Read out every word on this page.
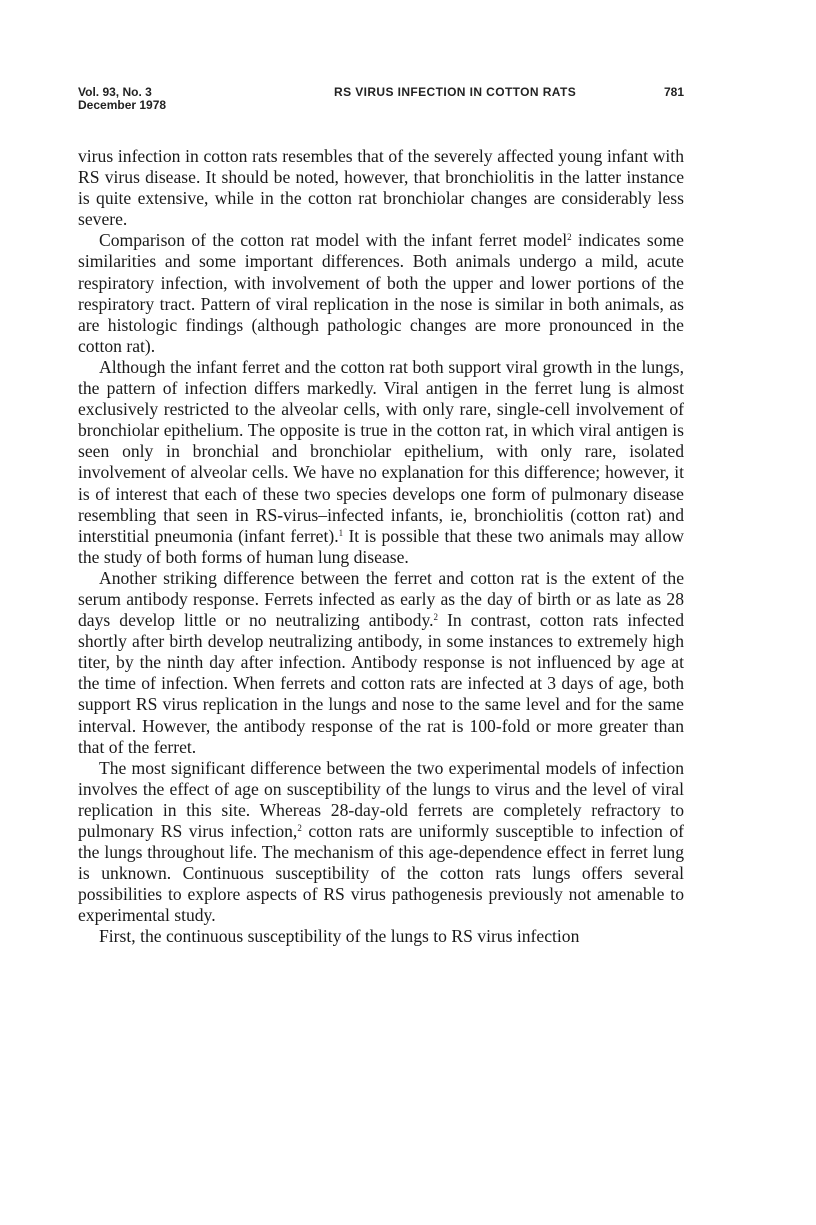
Vol. 93, No. 3
December 1978
RS VIRUS INFECTION IN COTTON RATS	781

virus infection in cotton rats resembles that of the severely affected young infant with RS virus disease. It should be noted, however, that bronchiolitis in the latter instance is quite extensive, while in the cotton rat bronchiolar changes are considerably less severe.

Comparison of the cotton rat model with the infant ferret model$^2$ indicates some similarities and some important differences. Both animals undergo a mild, acute respiratory infection, with involvement of both the upper and lower portions of the respiratory tract. Pattern of viral replication in the nose is similar in both animals, as are histologic findings (although pathologic changes are more pronounced in the cotton rat).

Although the infant ferret and the cotton rat both support viral growth in the lungs, the pattern of infection differs markedly. Viral antigen in the ferret lung is almost exclusively restricted to the alveolar cells, with only rare, single-cell involvement of bronchiolar epithelium. The opposite is true in the cotton rat, in which viral antigen is seen only in bronchial and bronchiolar epithelium, with only rare, isolated involvement of alveolar cells. We have no explanation for this difference; however, it is of interest that each of these two species develops one form of pulmonary disease resembling that seen in RS-virus–infected infants, ie, bronchiolitis (cotton rat) and interstitial pneumonia (infant ferret).$^1$ It is possible that these two animals may allow the study of both forms of human lung disease.

Another striking difference between the ferret and cotton rat is the extent of the serum antibody response. Ferrets infected as early as the day of birth or as late as 28 days develop little or no neutralizing antibody.$^2$ In contrast, cotton rats infected shortly after birth develop neutralizing antibody, in some instances to extremely high titer, by the ninth day after infection. Antibody response is not influenced by age at the time of infection. When ferrets and cotton rats are infected at 3 days of age, both support RS virus replication in the lungs and nose to the same level and for the same interval. However, the antibody response of the rat is 100-fold or more greater than that of the ferret.

The most significant difference between the two experimental models of infection involves the effect of age on susceptibility of the lungs to virus and the level of viral replication in this site. Whereas 28-day-old ferrets are completely refractory to pulmonary RS virus infection,$^2$ cotton rats are uniformly susceptible to infection of the lungs throughout life. The mechanism of this age-dependence effect in ferret lung is unknown. Continuous susceptibility of the cotton rats lungs offers several possibilities to explore aspects of RS virus pathogenesis previously not amenable to experimental study.

First, the continuous susceptibility of the lungs to RS virus infection
